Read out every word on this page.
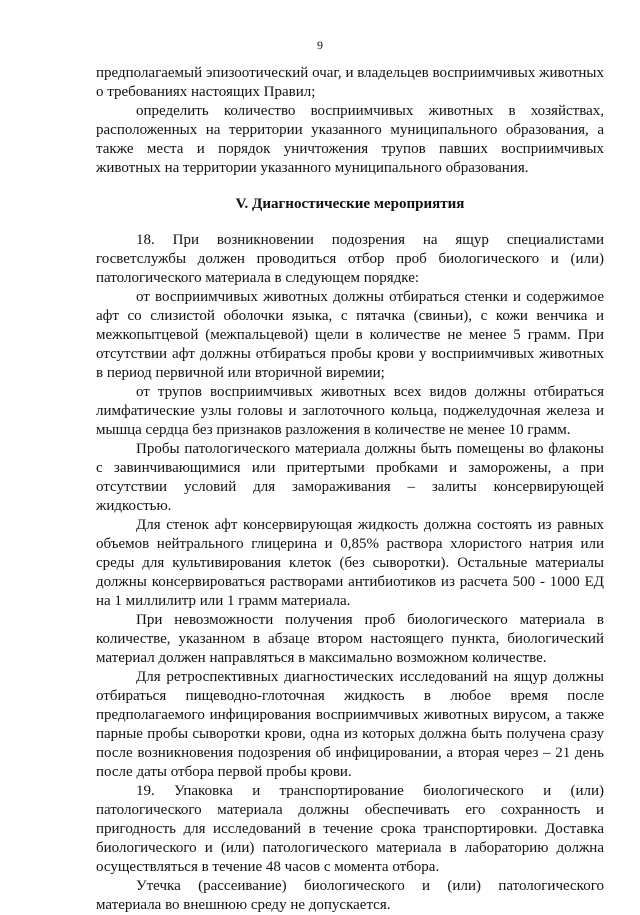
9

предполагаемый эпизоотический очаг, и владельцев восприимчивых животных о требованиях настоящих Правил;

определить количество восприимчивых животных в хозяйствах, расположенных на территории указанного муниципального образования, а также места и порядок уничтожения трупов павших восприимчивых животных на территории указанного муниципального образования.

V. Диагностические мероприятия

18. При возникновении подозрения на ящур специалистами госветслужбы должен проводиться отбор проб биологического и (или) патологического материала в следующем порядке:

от восприимчивых животных должны отбираться стенки и содержимое афт со слизистой оболочки языка, с пятачка (свиньи), с кожи венчика и межкопытцевой (межпальцевой) щели в количестве не менее 5 грамм. При отсутствии афт должны отбираться пробы крови у восприимчивых животных в период первичной или вторичной виремии;

от трупов восприимчивых животных всех видов должны отбираться лимфатические узлы головы и заглоточного кольца, поджелудочная железа и мышца сердца без признаков разложения в количестве не менее 10 грамм.

Пробы патологического материала должны быть помещены во флаконы с завинчивающимися или притертыми пробками и заморожены, а при отсутствии условий для замораживания – залиты консервирующей жидкостью.

Для стенок афт консервирующая жидкость должна состоять из равных объемов нейтрального глицерина и 0,85% раствора хлористого натрия или среды для культивирования клеток (без сыворотки). Остальные материалы должны консервироваться растворами антибиотиков из расчета 500 - 1000 ЕД на 1 миллилитр или 1 грамм материала.

При невозможности получения проб биологического материала в количестве, указанном в абзаце втором настоящего пункта, биологический материал должен направляться в максимально возможном количестве.

Для ретроспективных диагностических исследований на ящур должны отбираться пищеводно-глоточная жидкость в любое время после предполагаемого инфицирования восприимчивых животных вирусом, а также парные пробы сыворотки крови, одна из которых должна быть получена сразу после возникновения подозрения об инфицировании, а вторая через – 21 день после даты отбора первой пробы крови.

19. Упаковка и транспортирование биологического и (или) патологического материала должны обеспечивать его сохранность и пригодность для исследований в течение срока транспортировки. Доставка биологического и (или) патологического материала в лабораторию должна осуществляться в течение 48 часов с момента отбора.

Утечка (рассеивание) биологического и (или) патологического материала во внешнюю среду не допускается.
